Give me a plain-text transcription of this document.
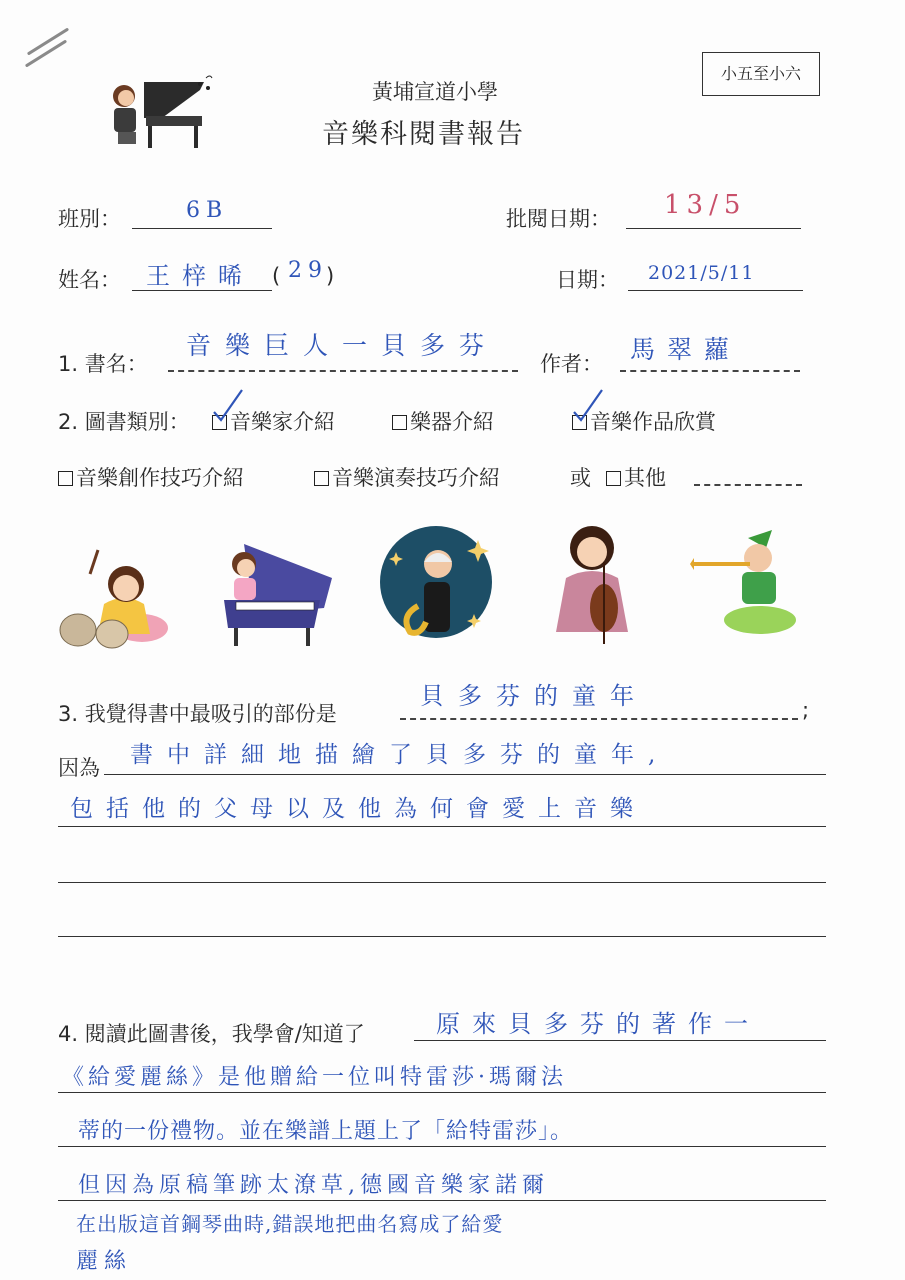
黃埔宣道小學
音樂科閱書報告
小五至小六
班別：	6B	批閱日期： 13/5
姓名： 王梓晞 ( 29
)	日期： 2021/5/11
1. 書名：
音樂巨人一貝多芬
作者： 馬翠蘿
2. 圖書類別：	音樂家介紹	樂器介紹	音樂作品欣賞
音樂創作技巧介紹	音樂演奏技巧介紹	或	其他
3. 我覺得書中最吸引的部份是
貝多芬的童年	;
因為 書中詳細地描繪了貝多芬的童年,
包括他的父母以及他為何會愛上音樂
4. 閱讀此圖書後，我學會/知道了	原來貝多芬的著作一
《給愛麗絲》是他贈給一位叫特雷莎·瑪爾法
蒂的一份禮物。並在樂譜上題上了「給特雷莎」。
但因為原稿筆跡太潦草,德國音樂家諾爾
在出版這首鋼琴曲時,錯誤地把曲名寫成了給愛
麗絲
